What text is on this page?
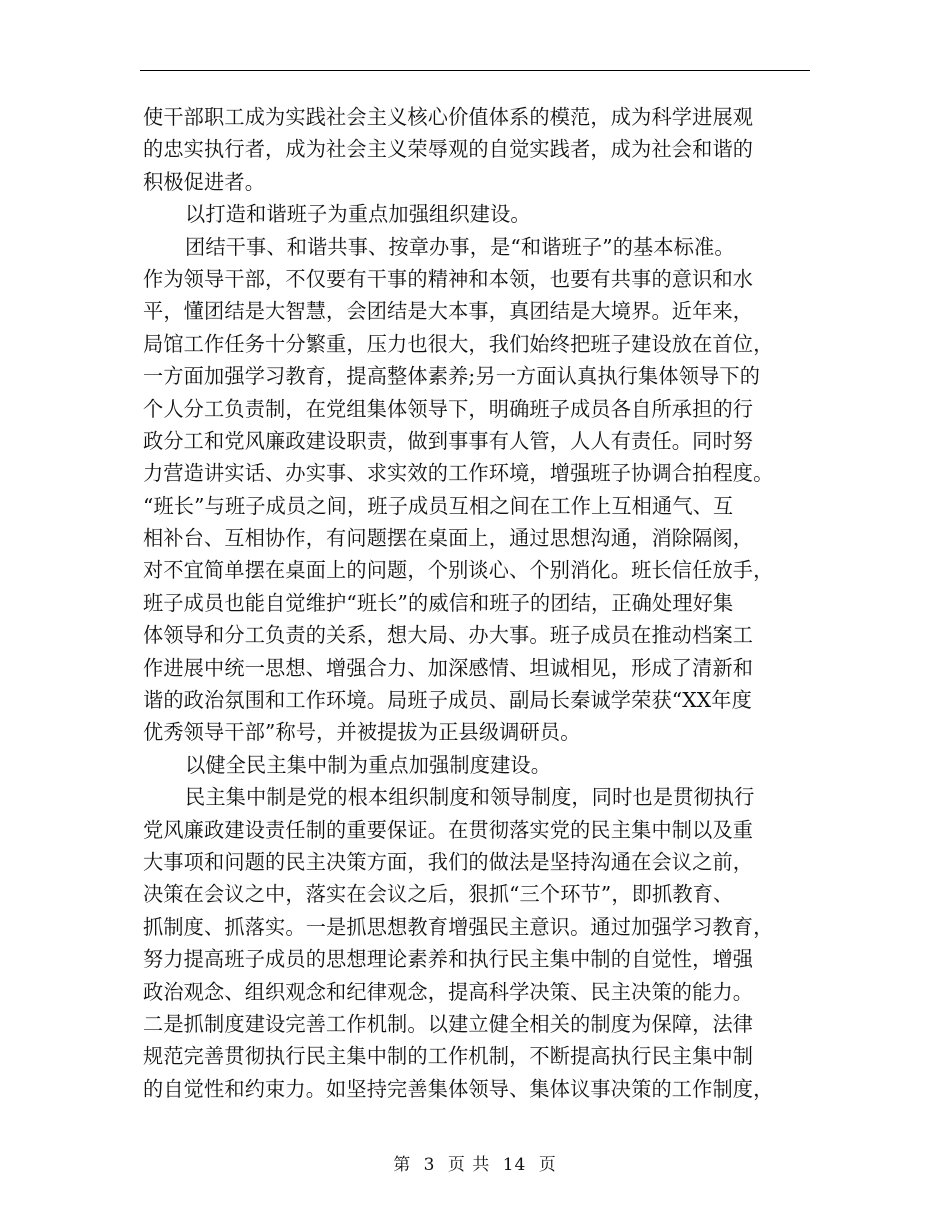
使干部职工成为实践社会主义核心价值体系的模范，成为科学进展观
的忠实执行者，成为社会主义荣辱观的自觉实践者，成为社会和谐的
积极促进者。
以打造和谐班子为重点加强组织建设。
团结干事、和谐共事、按章办事，是“和谐班子”的基本标准。
作为领导干部，不仅要有干事的精神和本领，也要有共事的意识和水
平，懂团结是大智慧，会团结是大本事，真团结是大境界。近年来，
局馆工作任务十分繁重，压力也很大，我们始终把班子建设放在首位，
一方面加强学习教育，提高整体素养;另一方面认真执行集体领导下的
个人分工负责制，在党组集体领导下，明确班子成员各自所承担的行
政分工和党风廉政建设职责，做到事事有人管，人人有责任。同时努
力营造讲实话、办实事、求实效的工作环境，增强班子协调合拍程度。
“班长”与班子成员之间，班子成员互相之间在工作上互相通气、互
相补台、互相协作，有问题摆在桌面上，通过思想沟通，消除隔阂，
对不宜简单摆在桌面上的问题，个别谈心、个别消化。班长信任放手，
班子成员也能自觉维护“班长”的威信和班子的团结，正确处理好集
体领导和分工负责的关系，想大局、办大事。班子成员在推动档案工
作进展中统一思想、增强合力、加深感情、坦诚相见，形成了清新和
谐的政治氛围和工作环境。局班子成员、副局长秦诚学荣获“XX年度
优秀领导干部”称号，并被提拔为正县级调研员。
以健全民主集中制为重点加强制度建设。
民主集中制是党的根本组织制度和领导制度，同时也是贯彻执行
党风廉政建设责任制的重要保证。在贯彻落实党的民主集中制以及重
大事项和问题的民主决策方面，我们的做法是坚持沟通在会议之前，
决策在会议之中，落实在会议之后，狠抓“三个环节”，即抓教育、
抓制度、抓落实。一是抓思想教育增强民主意识。通过加强学习教育，
努力提高班子成员的思想理论素养和执行民主集中制的自觉性，增强
政治观念、组织观念和纪律观念，提高科学决策、民主决策的能力。
二是抓制度建设完善工作机制。以建立健全相关的制度为保障，法律
规范完善贯彻执行民主集中制的工作机制，不断提高执行民主集中制
的自觉性和约束力。如坚持完善集体领导、集体议事决策的工作制度，
第 3 页 共 14 页
